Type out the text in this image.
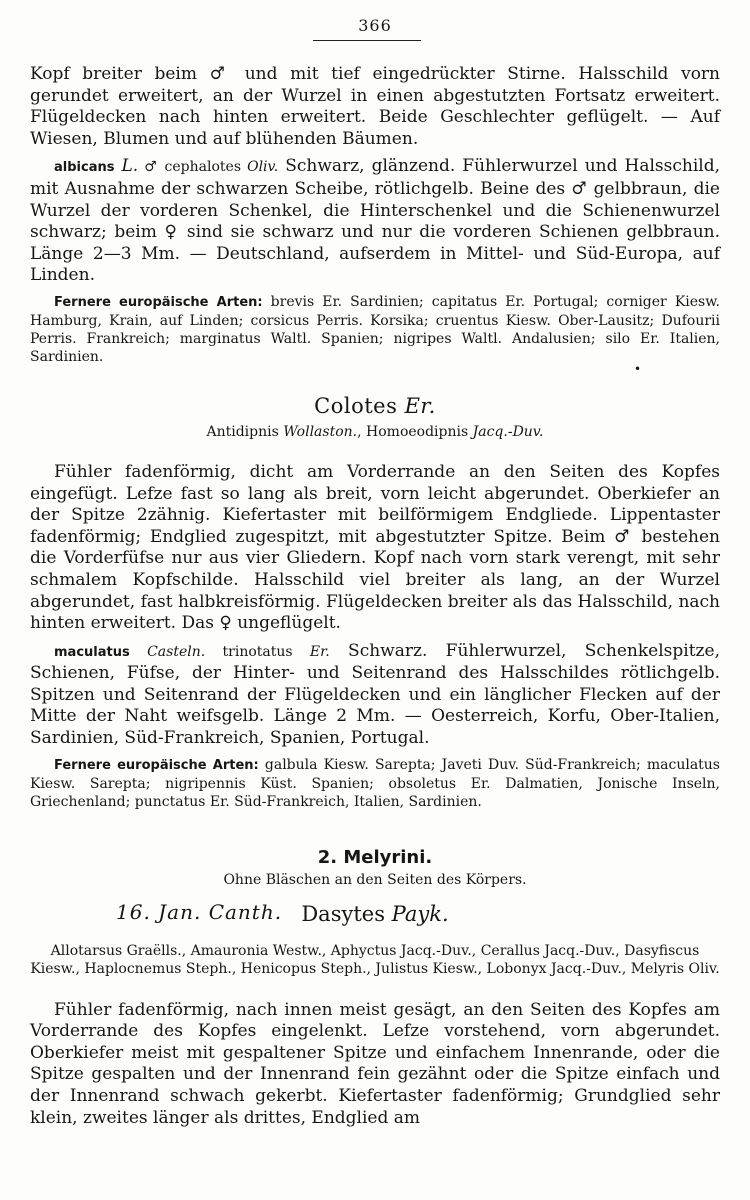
366

Kopf breiter beim ♂ und mit tief eingedrückter Stirne. Halsschild vorn gerundet erweitert, an der Wurzel in einen abgestutzten Fortsatz erweitert. Flügeldecken nach hinten erweitert. Beide Geschlechter geflügelt. — Auf Wiesen, Blumen und auf blühenden Bäumen.

albicans L. ♂ cephalotes Oliv. Schwarz, glänzend. Fühlerwurzel und Halsschild, mit Ausnahme der schwarzen Scheibe, rötlichgelb. Beine des ♂ gelbbraun, die Wurzel der vorderen Schenkel, die Hinterschenkel und die Schienenwurzel schwarz; beim ♀ sind sie schwarz und nur die vorderen Schienen gelbbraun. Länge 2—3 Mm. — Deutschland, aufserdem in Mittel- und Süd-Europa, auf Linden.

Fernere europäische Arten: brevis Er. Sardinien; capitatus Er. Portugal; corniger Kiesw. Hamburg, Krain, auf Linden; corsicus Perris. Korsika; cruentus Kiesw. Ober-Lausitz; Dufourii Perris. Frankreich; marginatus Waltl. Spanien; nigripes Waltl. Andalusien; silo Er. Italien, Sardinien.

Colotes Er.
Antidipnis Wollaston., Homoeodipnis Jacq.-Duv.

Fühler fadenförmig, dicht am Vorderrande an den Seiten des Kopfes eingefügt. Lefze fast so lang als breit, vorn leicht abgerundet. Oberkiefer an der Spitze 2zähnig. Kiefertaster mit beilförmigem Endgliede. Lippentaster fadenförmig; Endglied zugespitzt, mit abgestutzter Spitze. Beim ♂ bestehen die Vorderfüfse nur aus vier Gliedern. Kopf nach vorn stark verengt, mit sehr schmalem Kopfschilde. Halsschild viel breiter als lang, an der Wurzel abgerundet, fast halbkreisförmig. Flügeldecken breiter als das Halsschild, nach hinten erweitert. Das ♀ ungeflügelt.

maculatus Casteln. trinotatus Er. Schwarz. Fühlerwurzel, Schenkelspitze, Schienen, Füfse, der Hinter- und Seitenrand des Halsschildes rötlichgelb. Spitzen und Seitenrand der Flügeldecken und ein länglicher Flecken auf der Mitte der Naht weifsgelb. Länge 2 Mm. — Oesterreich, Korfu, Ober-Italien, Sardinien, Süd-Frankreich, Spanien, Portugal.

Fernere europäische Arten: galbula Kiesw. Sarepta; Javeti Duv. Süd-Frankreich; maculatus Kiesw. Sarepta; nigripennis Küst. Spanien; obsoletus Er. Dalmatien, Jonische Inseln, Griechenland; punctatus Er. Süd-Frankreich, Italien, Sardinien.

2. Melyrini.
Ohne Bläschen an den Seiten des Körpers.
16. Jan. Canth. Dasytes Payk.
Allotarsus Graëlls., Amauronia Westw., Aphyctus Jacq.-Duv., Cerallus Jacq.-Duv., Dasyfiscus Kiesw., Haplocnemus Steph., Henicopus Steph., Julistus Kiesw., Lobonyx Jacq.-Duv., Melyris Oliv.

Fühler fadenförmig, nach innen meist gesägt, an den Seiten des Kopfes am Vorderrande des Kopfes eingelenkt. Lefze vorstehend, vorn abgerundet. Oberkiefer meist mit gespaltener Spitze und einfachem Innenrande, oder die Spitze gespalten und der Innenrand fein gezähnt oder die Spitze einfach und der Innenrand schwach gekerbt. Kiefertaster fadenförmig; Grundglied sehr klein, zweites länger als drittes, Endglied am

•
